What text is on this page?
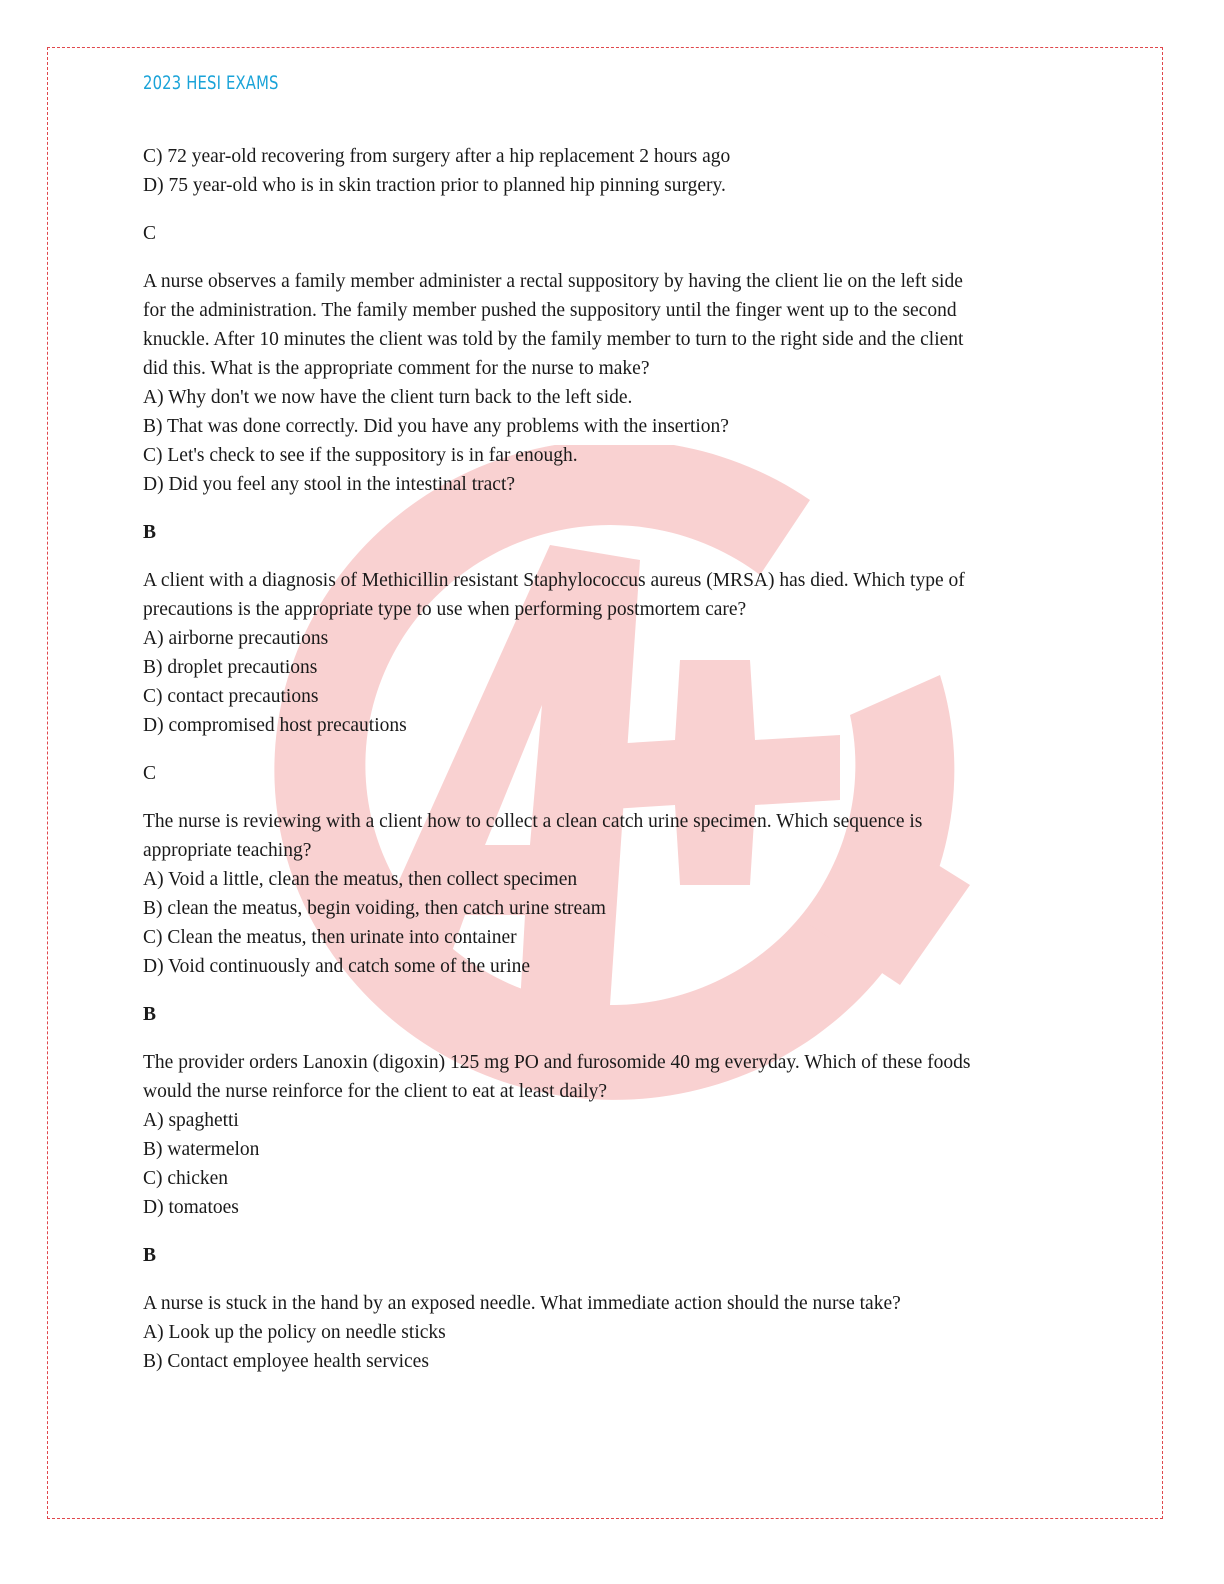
2023 HESI EXAMS

C) 72 year-old recovering from surgery after a hip replacement 2 hours ago

D) 75 year-old who is in skin traction prior to planned hip pinning surgery.

C

A nurse observes a family member administer a rectal suppository by having the client lie on the left side

for the administration. The family member pushed the suppository until the finger went up to the second

knuckle. After 10 minutes the client was told by the family member to turn to the right side and the client

did this. What is the appropriate comment for the nurse to make?

A) Why don't we now have the client turn back to the left side.

B) That was done correctly. Did you have any problems with the insertion?

C) Let's check to see if the suppository is in far enough.

D) Did you feel any stool in the intestinal tract?

B

A client with a diagnosis of Methicillin resistant Staphylococcus aureus (MRSA) has died. Which type of

precautions is the appropriate type to use when performing postmortem care?

A) airborne precautions

B) droplet precautions

C) contact precautions

D) compromised host precautions

C

The nurse is reviewing with a client how to collect a clean catch urine specimen. Which sequence is

appropriate teaching?

A) Void a little, clean the meatus, then collect specimen

B) clean the meatus, begin voiding, then catch urine stream

C) Clean the meatus, then urinate into container

D) Void continuously and catch some of the urine

B

The provider orders Lanoxin (digoxin) 125 mg PO and furosomide 40 mg everyday. Which of these foods

would the nurse reinforce for the client to eat at least daily?

A) spaghetti

B) watermelon

C) chicken

D) tomatoes

B

A nurse is stuck in the hand by an exposed needle. What immediate action should the nurse take?

A) Look up the policy on needle sticks

B) Contact employee health services
